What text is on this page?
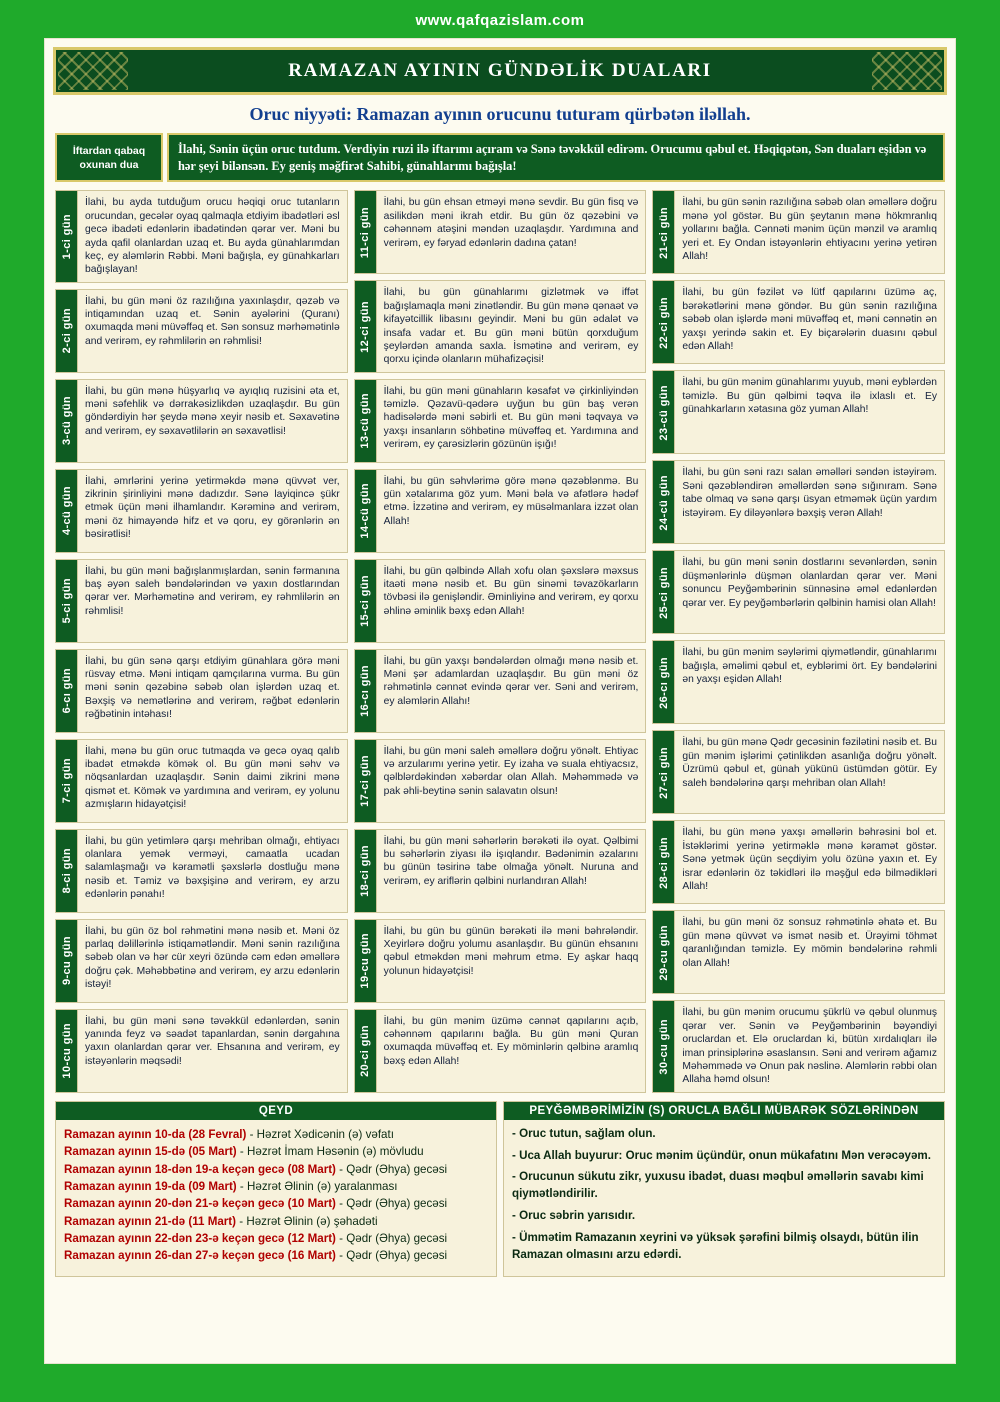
RAMAZAN AYININ GÜNDƏLİK DUALARI
Oruc niyyəti: Ramazan ayının orucunu tuturam qürbətən iləllah.
İftardan qabaq oxunan dua
İlahi, Sənin üçün oruc tutdum. Verdiyin ruzi ilə iftarımı açıram və Sənə təvəkkül edirəm. Orucumu qəbul et. Həqiqətən, Sən duaları eşidən və hər şeyi bilənsən. Ey geniş məğfirət Sahibi, günahlarımı bağışla!
1-ci gün
İlahi, bu ayda tutduğum orucu həqiqi oruc tutanların orucundan, gecələr oyaq qalmaqla etdiyim ibadətləri əsl gecə ibadəti edənlərin ibadətindən qərar ver. Məni bu ayda qafil olanlardan uzaq et. Bu ayda günahlarımdan keç, ey aləmlərin Rəbbi. Məni bağışla, ey günahkarları bağışlayan!
2-ci gün
İlahi, bu gün məni öz razılığına yaxınlaşdır, qəzəb və intiqamından uzaq et. Sənin ayələrini (Quranı) oxumaqda məni müvəffəq et. Sən sonsuz mərhəmətinlə and verirəm, ey rəhmlilərin ən rəhmlisi!
3-cü gün
İlahi, bu gün mənə hüşyarlıq və ayıqlıq ruzisini əta et, məni səfehlik və dərrakəsizlikdən uzaqlaşdır. Bu gün göndərdiyin hər şeydə mənə xeyir nəsib et. Səxavətinə and verirəm, ey səxavətlilərin ən səxavətlisi!
4-cü gün
İlahi, əmrlərini yerinə yetirməkdə mənə qüvvət ver, zikrinin şirinliyini mənə dadızdır. Sənə layiqincə şükr etmək üçün məni ilhamlandır. Kərəminə and verirəm, məni öz himayəndə hifz et və qoru, ey görənlərin ən bəsirətlisi!
5-ci gün
İlahi, bu gün məni bağışlanmışlardan, sənin fərmanına baş əyən saleh bəndələrindən və yaxın dostlarından qərar ver. Mərhəmətinə and verirəm, ey rəhmlilərin ən rəhmlisi!
6-cı gün
İlahi, bu gün sənə qarşı etdiyim günahlara görə məni rüsvay etmə. Məni intiqam qamçılarına vurma. Bu gün məni sənin qəzəbinə səbəb olan işlərdən uzaq et. Bəxşiş və nemətlərinə and verirəm, rəğbət edənlərin rəğbətinin intəhası!
7-ci gün
İlahi, mənə bu gün oruc tutmaqda və gecə oyaq qalıb ibadət etməkdə kömək ol. Bu gün məni səhv və nöqsanlardan uzaqlaşdır. Sənin daimi zikrini mənə qismət et. Kömək və yardımına and verirəm, ey yolunu azmışların hidayətçisi!
8-ci gün
İlahi, bu gün yetimlərə qarşı mehriban olmağı, ehtiyacı olanlara yemək verməyi, camaatla ucadan salamlaşmağı və kəramətli şəxslərlə dostluğu mənə nəsib et. Təmiz və bəxşişinə and verirəm, ey arzu edənlərin pənahı!
9-cu gün
İlahi, bu gün öz bol rəhmətini mənə nəsib et. Məni öz parlaq dəlillərinlə istiqamətləndir. Məni sənin razılığına səbəb olan və hər cür xeyri özündə cəm edən əməllərə doğru çək. Məhəbbətinə and verirəm, ey arzu edənlərin istəyi!
10-cu gün
İlahi, bu gün məni sənə təvəkkül edənlərdən, sənin yanında feyz və səadət tapanlardan, sənin dərgahına yaxın olanlardan qərar ver. Ehsanına and verirəm, ey istəyənlərin məqsədi!
11-ci gün
İlahi, bu gün ehsan etməyi mənə sevdir. Bu gün fisq və asilikdən məni ikrah etdir. Bu gün öz qəzəbini və cəhənnəm atəşini məndən uzaqlaşdır. Yardımına and verirəm, ey fəryad edənlərin dadına çatan!
12-ci gün
İlahi, bu gün günahlarımı gizlətmək və iffət bağışlamaqla məni zinətləndir. Bu gün mənə qənaət və kifayətcillik libasını geyindir. Məni bu gün ədalət və insafa vadar et. Bu gün məni bütün qorxduğum şeylərdən amanda saxla. İsmətinə and verirəm, ey qorxu içində olanların mühafizəçisi!
13-cü gün
İlahi, bu gün məni günahların kəsafət və çirkinliyindən təmizlə. Qəzavü-qədərə uyğun bu gün baş verən hadisələrdə məni səbirli et. Bu gün məni təqvaya və yaxşı insanların söhbətinə müvəffəq et. Yardımına and verirəm, ey çarəsizlərin gözünün işığı!
14-cü gün
İlahi, bu gün səhvlərimə görə mənə qəzəblənmə. Bu gün xətalarıma göz yum. Məni bəla və afətlərə hədəf etmə. İzzətinə and verirəm, ey müsəlmanlara izzət olan Allah!
15-ci gün
İlahi, bu gün qəlbində Allah xofu olan şəxslərə məxsus itaəti mənə nəsib et. Bu gün sinəmi təvazökarların tövbəsi ilə genişləndir. Əminliyinə and verirəm, ey qorxu əhlinə əminlik bəxş edən Allah!
16-cı gün
İlahi, bu gün yaxşı bəndələrdən olmağı mənə nəsib et. Məni şər adamlardan uzaqlaşdır. Bu gün məni öz rəhmətinlə cənnət evində qərar ver. Səni and verirəm, ey aləmlərin Allahı!
17-ci gün
İlahi, bu gün məni saleh əməllərə doğru yönəlt. Ehtiyac və arzularımı yerinə yetir. Ey izaha və suala ehtiyacsız, qəlblərdəkindən xəbərdar olan Allah. Məhəmmədə və pak əhli-beytinə sənin salavatın olsun!
18-ci gün
İlahi, bu gün məni səhərlərin bərəkəti ilə oyat. Qəlbimi bu səhərlərin ziyası ilə işıqlandır. Bədənimin əzalarını bu günün təsirinə tabe olmağa yönəlt. Nuruna and verirəm, ey ariflərin qəlbini nurlandıran Allah!
19-cu gün
İlahi, bu gün bu günün bərəkəti ilə məni bəhrələndir. Xeyirlərə doğru yolumu asanlaşdır. Bu günün ehsanını qəbul etməkdən məni məhrum etmə. Ey aşkar haqq yolunun hidayətçisi!
20-ci gün
İlahi, bu gün mənim üzümə cənnət qapılarını açıb, cəhənnəm qapılarını bağla. Bu gün məni Quran oxumaqda müvəffəq et. Ey möminlərin qəlbinə aramlıq bəxş edən Allah!
21-ci gün
İlahi, bu gün sənin razılığına səbəb olan əməllərə doğru mənə yol göstər. Bu gün şeytanın mənə hökmranlıq yollarını bağla. Cənnəti mənim üçün mənzil və aramlıq yeri et. Ey Ondan istəyənlərin ehtiyacını yerinə yetirən Allah!
22-ci gün
İlahi, bu gün fəzilət və lütf qapılarını üzümə aç, bərəkətlərini mənə göndər. Bu gün sənin razılığına səbəb olan işlərdə məni müvəffəq et, məni cənnətin ən yaxşı yerində sakin et. Ey biçarələrin duasını qəbul edən Allah!
23-cü gün
İlahi, bu gün mənim günahlarımı yuyub, məni eyblərdən təmizlə. Bu gün qəlbimi təqva ilə ixlaslı et. Ey günahkarların xətasına göz yuman Allah!
24-cü gün
İlahi, bu gün səni razı salan əməlləri səndən istəyirəm. Səni qəzəbləndirən əməllərdən sənə sığınıram. Sənə tabe olmaq və sənə qarşı üsyan etməmək üçün yardım istəyirəm. Ey diləyənlərə bəxşiş verən Allah!
25-ci gün
İlahi, bu gün məni sənin dostlarını sevənlərdən, sənin düşmənlərinlə düşmən olanlardan qərar ver. Məni sonuncu Peyğəmbərinin sünnəsinə əməl edənlərdən qərar ver. Ey peyğəmbərlərin qəlbinin hamisi olan Allah!
26-cı gün
İlahi, bu gün mənim səylərimi qiymətləndir, günahlarımı bağışla, əməlimi qəbul et, eyblərimi ört. Ey bəndələrini ən yaxşı eşidən Allah!
27-ci gün
İlahi, bu gün mənə Qədr gecəsinin fəzilətini nəsib et. Bu gün mənim işlərimi çətinlikdən asanlığa doğru yönəlt. Üzrümü qəbul et, günah yükünü üstümdən götür. Ey saleh bəndələrinə qarşı mehriban olan Allah!
28-ci gün
İlahi, bu gün mənə yaxşı əməllərin bəhrəsini bol et. İstəklərimi yerinə yetirməklə mənə kəramət göstər. Sənə yetmək üçün seçdiyim yolu özünə yaxın et. Ey israr edənlərin öz təkidləri ilə məşğul edə bilmədikləri Allah!
29-cu gün
İlahi, bu gün məni öz sonsuz rəhmətinlə əhatə et. Bu gün mənə qüvvət və ismət nəsib et. Ürəyimi töhmət qaranlığından təmizlə. Ey mömin bəndələrinə rəhmli olan Allah!
30-cu gün
İlahi, bu gün mənim orucumu şükrlü və qəbul olunmuş qərar ver. Sənin və Peyğəmbərinin bəyəndiyi oruclardan et. Elə oruclardan ki, bütün xırdalıqları ilə iman prinsiplərinə əsaslansın. Səni and verirəm ağamız Məhəmmədə və Onun pak nəslinə. Aləmlərin rəbbi olan Allaha həmd olsun!
QEYD
Ramazan ayının 10-da (28 Fevral) - Həzrət Xədicənin (ə) vəfatı
Ramazan ayının 15-də (05 Mart) - Həzrət İmam Həsənin (ə) mövludu
Ramazan ayının 18-dən 19-a keçən gecə (08 Mart) - Qədr (Əhya) gecəsi
Ramazan ayının 19-da (09 Mart) - Həzrət Əlinin (ə) yaralanması
Ramazan ayının 20-dən 21-ə keçən gecə (10 Mart) - Qədr (Əhya) gecəsi
Ramazan ayının 21-də (11 Mart) - Həzrət Əlinin (ə) şəhadəti
Ramazan ayının 22-dən 23-ə keçən gecə (12 Mart) - Qədr (Əhya) gecəsi
Ramazan ayının 26-dan 27-ə keçən gecə (16 Mart) - Qədr (Əhya) gecəsi
PEYĞƏMBƏRİMİZİN (S) ORUCLA BAĞLI MÜBARƏK SÖZLƏRİNDƏN
- Oruc tutun, sağlam olun.
- Uca Allah buyurur: Oruc mənim üçündür, onun mükafatını Mən verəcəyəm.
- Orucunun sükutu zikr, yuxusu ibadət, duası məqbul əməllərin savabı kimi qiymətləndirilir.
- Oruc səbrin yarısıdır.
- Ümmətim Ramazanın xeyrini və yüksək şərəfini bilmiş olsaydı, bütün ilin Ramazan olmasını arzu edərdi.
www.qafqazislam.com
